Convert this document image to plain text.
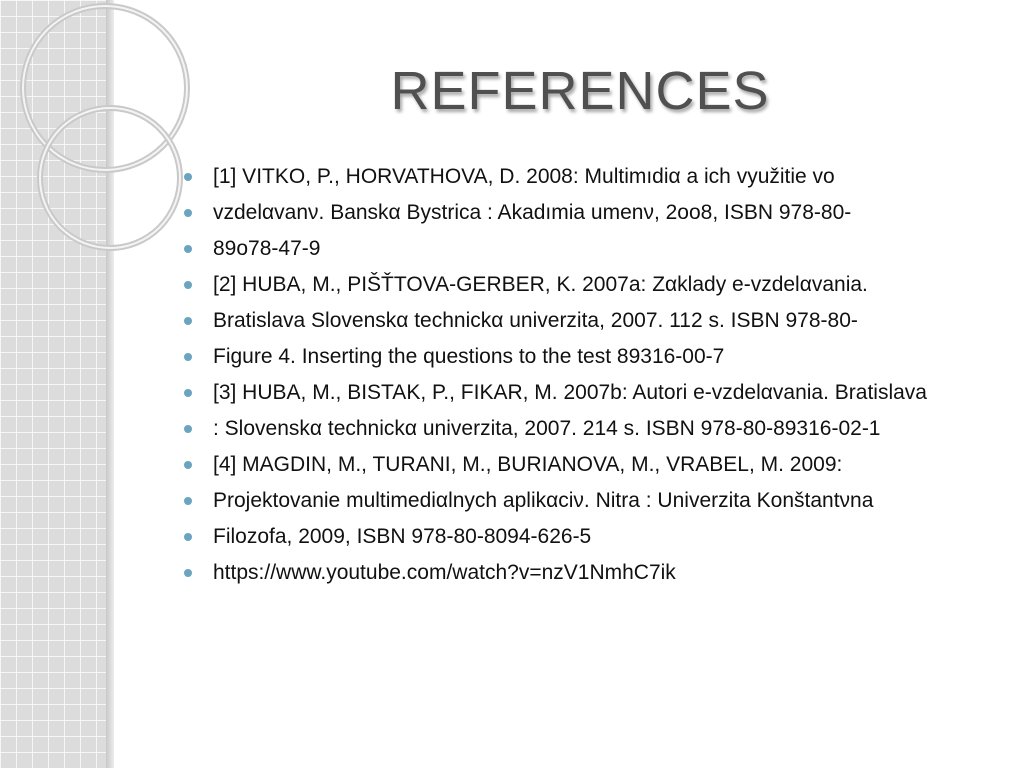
REFERENCES
[1] VITKO, P., HORVATHOVA, D. 2008: Multimıdiα a ich využitie vo
vzdelαvanν. Banskα Bystrica : Akadımia umenν, 2oo8, ISBN 978-80-
89o78-47-9
[2] HUBA, M., PIŠŤTOVA-GERBER, K. 2007a: Zαklady e-vzdelαvania.
Bratislava Slovenskα technickα univerzita, 2007. 112 s. ISBN 978-80-
Figure 4. Inserting the questions to the test 89316-00-7
[3] HUBA, M., BISTAK, P., FIKAR, M. 2007b: Autori e-vzdelαvania. Bratislava
: Slovenskα technickα univerzita, 2007. 214 s. ISBN 978-80-89316-02-1
[4] MAGDIN, M., TURANI, M., BURIANOVA, M., VRABEL, M. 2009:
Projektovanie multimediαlnych aplikαciν. Nitra : Univerzita Konštantνna
Filozofa, 2009, ISBN 978-80-8094-626-5
https://www.youtube.com/watch?v=nzV1NmhC7ik
